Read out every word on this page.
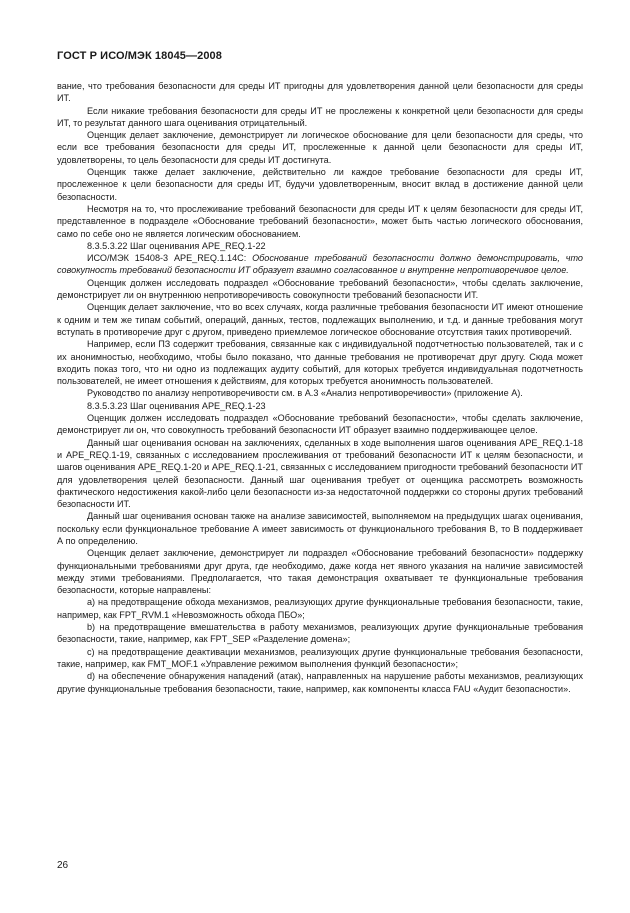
ГОСТ Р ИСО/МЭК 18045—2008

вание, что требования безопасности для среды ИТ пригодны для удовлетворения данной цели безопасности для среды ИТ.

Если никакие требования безопасности для среды ИТ не прослежены к конкретной цели безопасности для среды ИТ, то результат данного шага оценивания отрицательный.

Оценщик делает заключение, демонстрирует ли логическое обоснование для цели безопасности для среды, что если все требования безопасности для среды ИТ, прослеженные к данной цели безопасности для среды ИТ, удовлетворены, то цель безопасности для среды ИТ достигнута.

Оценщик также делает заключение, действительно ли каждое требование безопасности для среды ИТ, прослеженное к цели безопасности для среды ИТ, будучи удовлетворенным, вносит вклад в достижение данной цели безопасности.

Несмотря на то, что прослеживание требований безопасности для среды ИТ к целям безопасности для среды ИТ, представленное в подразделе «Обоснование требований безопасности», может быть частью логического обоснования, само по себе оно не является логическим обоснованием.

8.3.5.3.22 Шаг оценивания APE_REQ.1-22

ИСО/МЭК 15408-3 APE_REQ.1.14С: Обоснование требований безопасности должно демонстрировать, что совокупность требований безопасности ИТ образует взаимно согласованное и внутренне непротиворечивое целое.

Оценщик должен исследовать подраздел «Обоснование требований безопасности», чтобы сделать заключение, демонстрирует ли он внутреннюю непротиворечивость совокупности требований безопасности ИТ.

Оценщик делает заключение, что во всех случаях, когда различные требования безопасности ИТ имеют отношение к одним и тем же типам событий, операций, данных, тестов, подлежащих выполнению, и т.д. и данные требования могут вступать в противоречие друг с другом, приведено приемлемое логическое обоснование отсутствия таких противоречий.

Например, если ПЗ содержит требования, связанные как с индивидуальной подотчетностью пользователей, так и с их анонимностью, необходимо, чтобы было показано, что данные требования не противоречат друг другу. Сюда может входить показ того, что ни одно из подлежащих аудиту событий, для которых требуется индивидуальная подотчетность пользователей, не имеет отношения к действиям, для которых требуется анонимность пользователей.

Руководство по анализу непротиворечивости см. в А.3 «Анализ непротиворечивости» (приложение А).

8.3.5.3.23 Шаг оценивания APE_REQ.1-23

Оценщик должен исследовать подраздел «Обоснование требований безопасности», чтобы сделать заключение, демонстрирует ли он, что совокупность требований безопасности ИТ образует взаимно поддерживающее целое.

Данный шаг оценивания основан на заключениях, сделанных в ходе выполнения шагов оценивания APE_REQ.1-18 и APE_REQ.1-19, связанных с исследованием прослеживания от требований безопасности ИТ к целям безопасности, и шагов оценивания APE_REQ.1-20 и APE_REQ.1-21, связанных с исследованием пригодности требований безопасности ИТ для удовлетворения целей безопасности. Данный шаг оценивания требует от оценщика рассмотреть возможность фактического недостижения какой-либо цели безопасности из-за недостаточной поддержки со стороны других требований безопасности ИТ.

Данный шаг оценивания основан также на анализе зависимостей, выполняемом на предыдущих шагах оценивания, поскольку если функциональное требование А имеет зависимость от функционального требования В, то В поддерживает А по определению.

Оценщик делает заключение, демонстрирует ли подраздел «Обоснование требований безопасности» поддержку функциональными требованиями друг друга, где необходимо, даже когда нет явного указания на наличие зависимостей между этими требованиями. Предполагается, что такая демонстрация охватывает те функциональные требования безопасности, которые направлены:

а) на предотвращение обхода механизмов, реализующих другие функциональные требования безопасности, такие, например, как FPT_RVM.1 «Невозможность обхода ПБО»;

b) на предотвращение вмешательства в работу механизмов, реализующих другие функциональные требования безопасности, такие, например, как FPT_SEP «Разделение домена»;

с) на предотвращение деактивации механизмов, реализующих другие функциональные требования безопасности, такие, например, как FMT_MOF.1 «Управление режимом выполнения функций безопасности»;

d) на обеспечение обнаружения нападений (атак), направленных на нарушение работы механизмов, реализующих другие функциональные требования безопасности, такие, например, как компоненты класса FAU «Аудит безопасности».

26
